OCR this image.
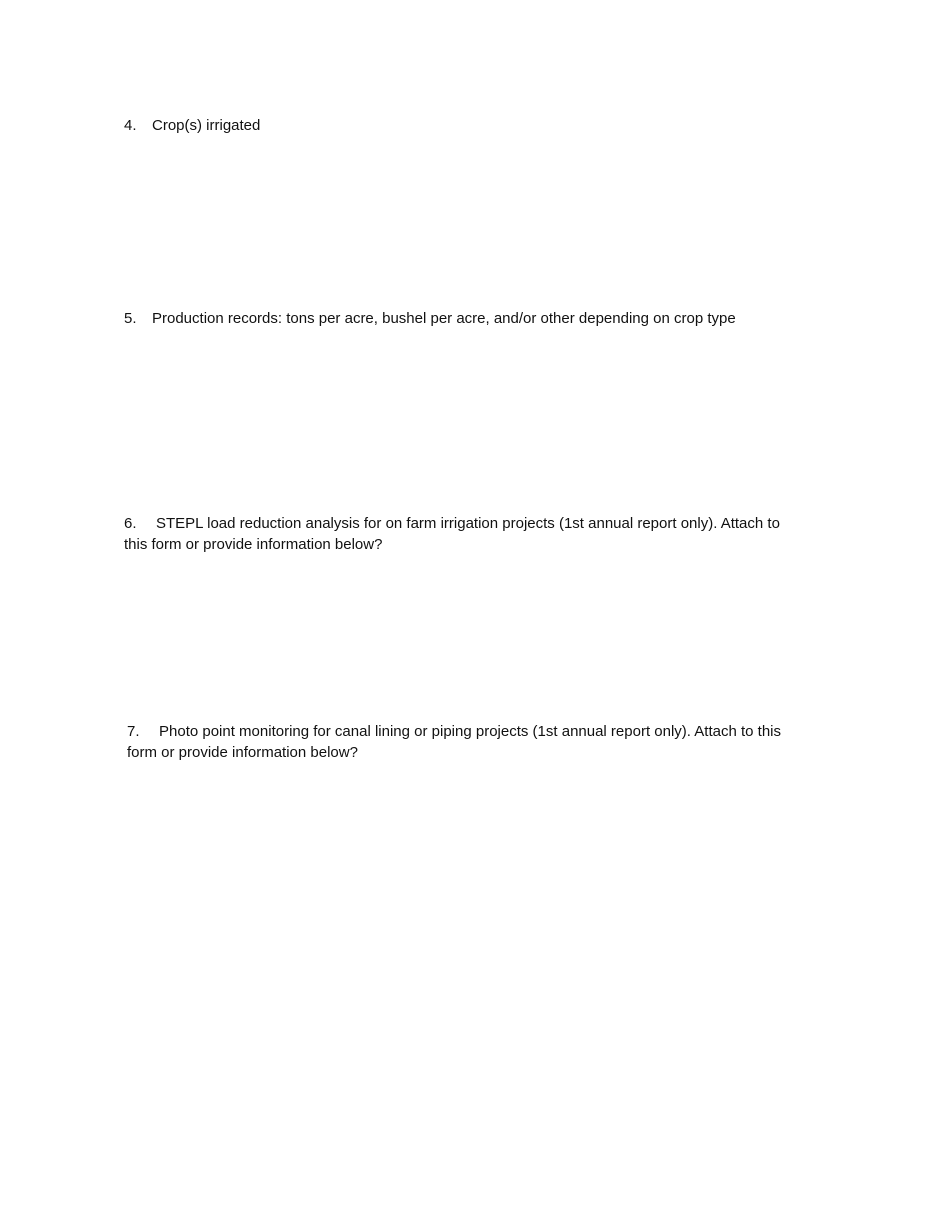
4. Crop(s) irrigated
5. Production records: tons per acre, bushel per acre, and/or other depending on crop type
6. STEPL load reduction analysis for on farm irrigation projects (1st annual report only). Attach to
this form or provide information below?
7. Photo point monitoring for canal lining or piping projects (1st annual report only). Attach to this
form or provide information below?
